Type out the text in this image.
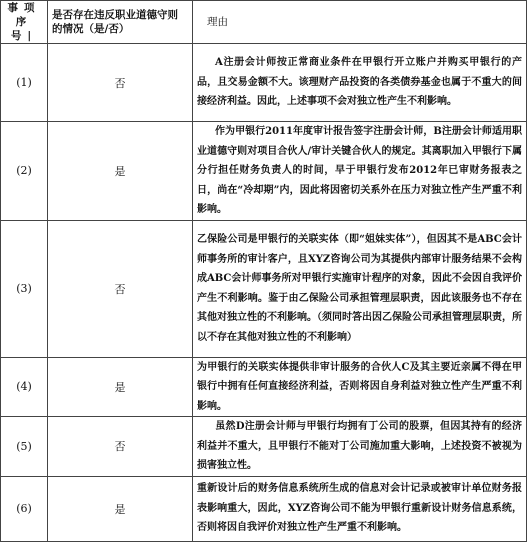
事项序号|	是否存在违反职业道德守则的情况（是/否）	理由
(1)	否	A注册会计师按正常商业条件在甲银行开立账户并购买甲银行的产品，且交易金额不大。该理财产品投资的各类债券基金也属于不重大的间接经济利益。因此，上述事项不会对独立性产生不利影响。
(2)	是	作为甲银行2011年度审计报告签字注册会计师，B注册会计师适用职业道德守则对项目合伙人/审计关键合伙人的规定。其离职加入甲银行下属分行担任财务负责人的时间，早于甲银行发布2012年已审财务报表之日，尚在“冷却期”内，因此将因密切关系外在压力对独立性产生严重不利影响。
(3)	否	乙保险公司是甲银行的关联实体（即“姐妹实体”），但因其不是ABC会计师事务所的审计客户，且XYZ咨询公司为其提供内部审计服务结果不会构成ABC会计师事务所对甲银行实施审计程序的对象，因此不会因自我评价产生不利影响。鉴于由乙保险公司承担管理层职责，因此该服务也不存在其他对独立性的不利影响。（须同时答出因乙保险公司承担管理层职责，所以不存在其他对独立性的不利影响）
(4)	是	为甲银行的关联实体提供非审计服务的合伙人C及其主要近亲属不得在甲银行中拥有任何直接经济利益，否则将因自身利益对独立性产生严重不利影响。
(5)	否	虽然D注册会计师与甲银行均拥有丁公司的股票，但因其持有的经济利益并不重大，且甲银行不能对丁公司施加重大影响，上述投资不被视为损害独立性。
(6)	是	重新设计后的财务信息系统所生成的信息对会计记录或被审计单位财务报表影响重大，因此，XYZ咨询公司不能为甲银行重新设计财务信息系统，否则将因自我评价对独立性产生严重不利影响。
